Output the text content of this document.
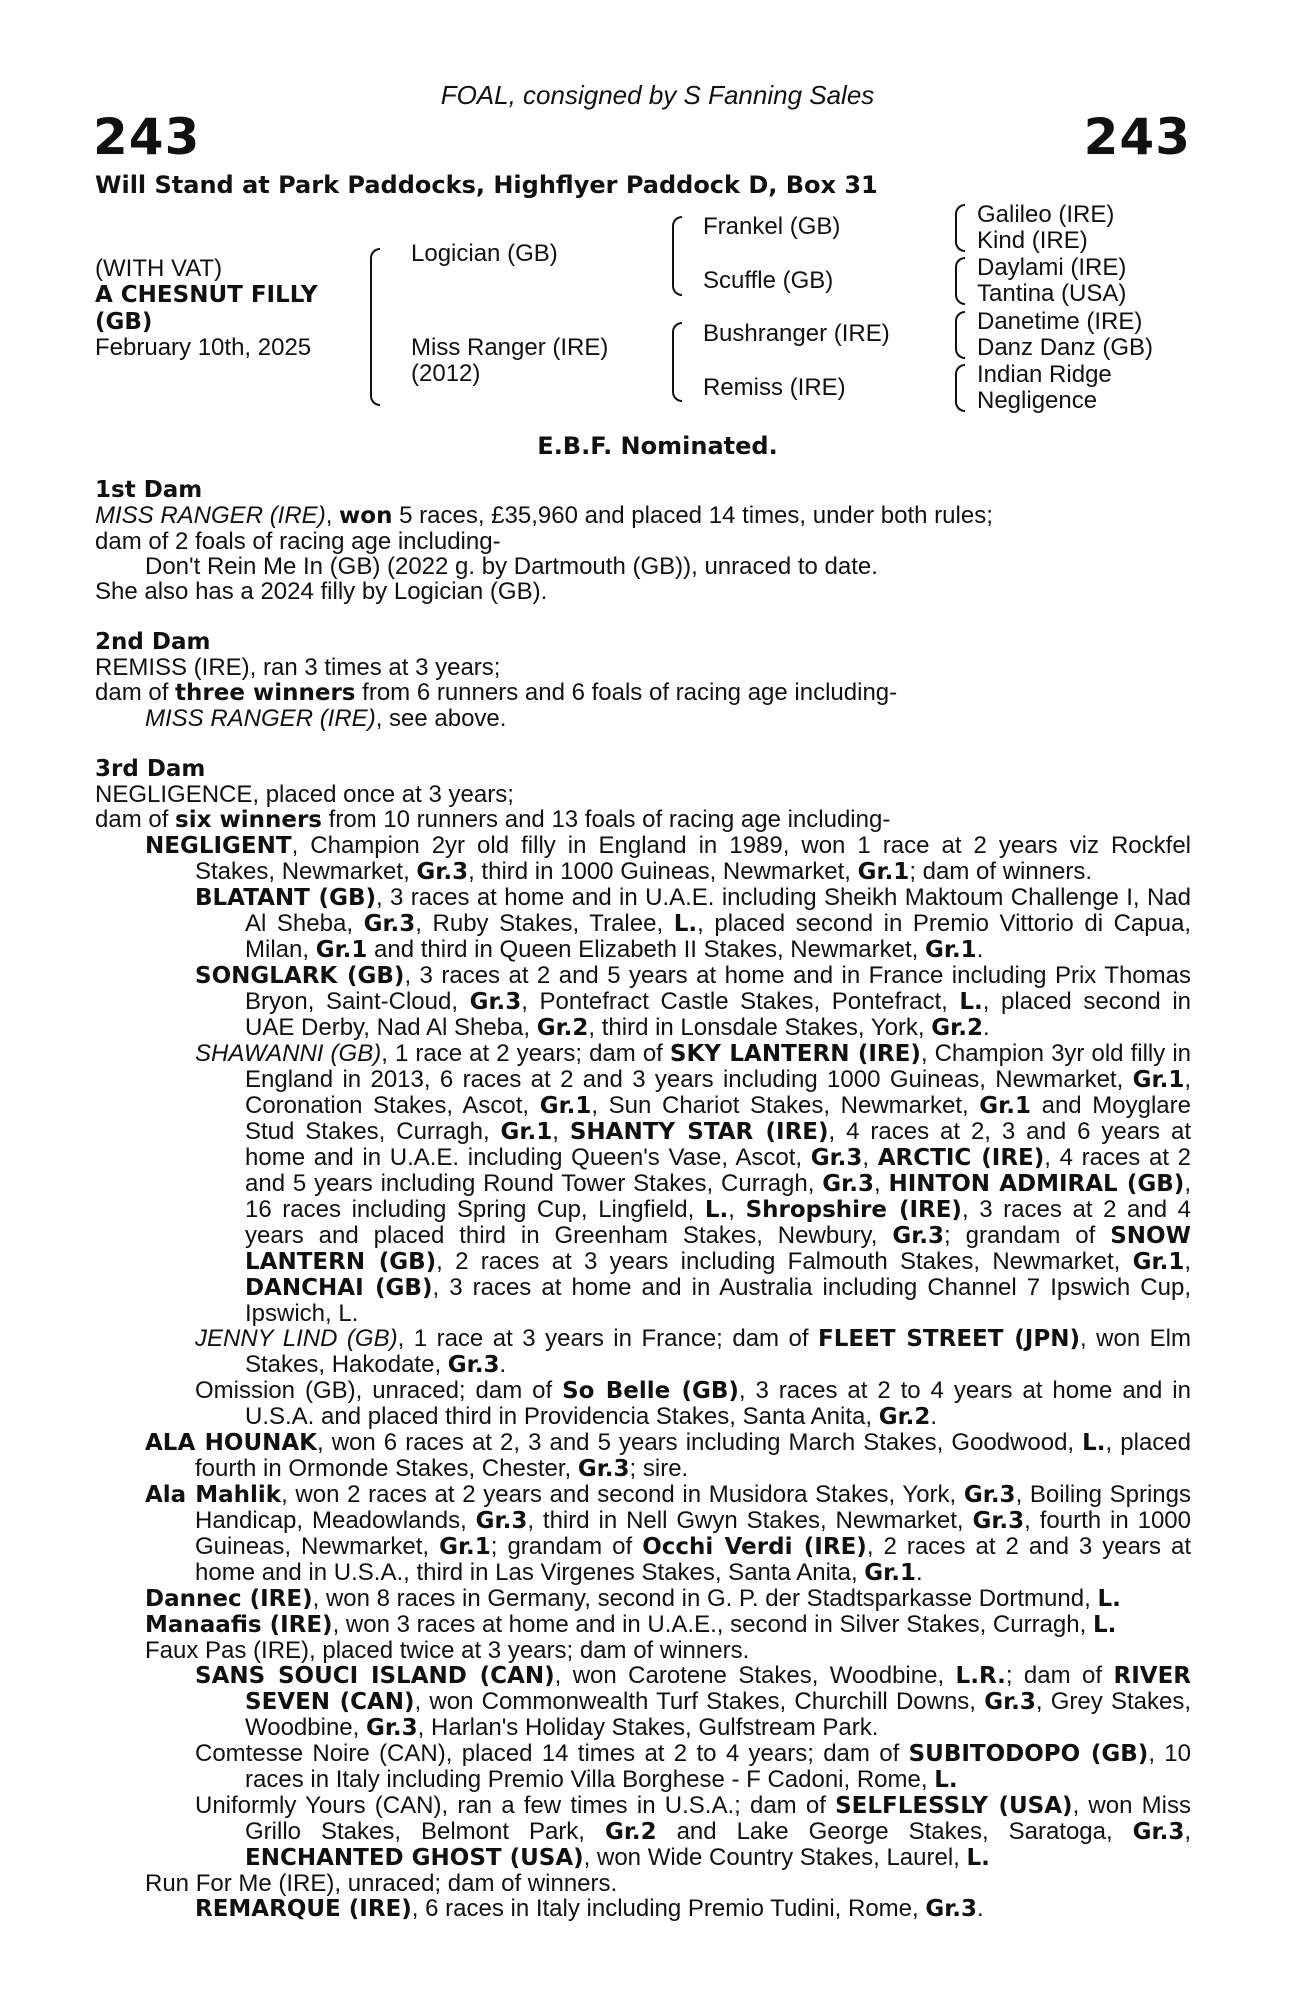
FOAL, consigned by S Fanning Sales
243	243
Will Stand at Park Paddocks, Highflyer Paddock D, Box 31
(WITH VAT)
A CHESNUT FILLY
(GB)
February 10th, 2025
Logician (GB)
Miss Ranger (IRE)
(2012)
Frankel (GB)
Scuffle (GB)
Bushranger (IRE)
Remiss (IRE)
Galileo (IRE)
Kind (IRE)
Daylami (IRE)
Tantina (USA)
Danetime (IRE)
Danz Danz (GB)
Indian Ridge
Negligence
E.B.F. Nominated.
1st Dam
MISS RANGER (IRE), won 5 races, £35,960 and placed 14 times, under both rules;
dam of 2 foals of racing age including-
Don't Rein Me In (GB) (2022 g. by Dartmouth (GB)), unraced to date.
She also has a 2024 filly by Logician (GB).
2nd Dam
REMISS (IRE), ran 3 times at 3 years;
dam of three winners from 6 runners and 6 foals of racing age including-
MISS RANGER (IRE), see above.
3rd Dam
NEGLIGENCE, placed once at 3 years;
dam of six winners from 10 runners and 13 foals of racing age including-
NEGLIGENT, Champion 2yr old filly in England in 1989, won 1 race at 2 years viz Rockfel Stakes, Newmarket, Gr.3, third in 1000 Guineas, Newmarket, Gr.1; dam of winners.
BLATANT (GB), 3 races at home and in U.A.E. including Sheikh Maktoum Challenge I, Nad Al Sheba, Gr.3, Ruby Stakes, Tralee, L., placed second in Premio Vittorio di Capua, Milan, Gr.1 and third in Queen Elizabeth II Stakes, Newmarket, Gr.1.
SONGLARK (GB), 3 races at 2 and 5 years at home and in France including Prix Thomas Bryon, Saint-Cloud, Gr.3, Pontefract Castle Stakes, Pontefract, L., placed second in UAE Derby, Nad Al Sheba, Gr.2, third in Lonsdale Stakes, York, Gr.2.
SHAWANNI (GB), 1 race at 2 years; dam of SKY LANTERN (IRE), Champion 3yr old filly in England in 2013, 6 races at 2 and 3 years including 1000 Guineas, Newmarket, Gr.1, Coronation Stakes, Ascot, Gr.1, Sun Chariot Stakes, Newmarket, Gr.1 and Moyglare Stud Stakes, Curragh, Gr.1, SHANTY STAR (IRE), 4 races at 2, 3 and 6 years at home and in U.A.E. including Queen's Vase, Ascot, Gr.3, ARCTIC (IRE), 4 races at 2 and 5 years including Round Tower Stakes, Curragh, Gr.3, HINTON ADMIRAL (GB), 16 races including Spring Cup, Lingfield, L., Shropshire (IRE), 3 races at 2 and 4 years and placed third in Greenham Stakes, Newbury, Gr.3; grandam of SNOW LANTERN (GB), 2 races at 3 years including Falmouth Stakes, Newmarket, Gr.1, DANCHAI (GB), 3 races at home and in Australia including Channel 7 Ipswich Cup, Ipswich, L.
JENNY LIND (GB), 1 race at 3 years in France; dam of FLEET STREET (JPN), won Elm Stakes, Hakodate, Gr.3.
Omission (GB), unraced; dam of So Belle (GB), 3 races at 2 to 4 years at home and in U.S.A. and placed third in Providencia Stakes, Santa Anita, Gr.2.
ALA HOUNAK, won 6 races at 2, 3 and 5 years including March Stakes, Goodwood, L., placed fourth in Ormonde Stakes, Chester, Gr.3; sire.
Ala Mahlik, won 2 races at 2 years and second in Musidora Stakes, York, Gr.3, Boiling Springs Handicap, Meadowlands, Gr.3, third in Nell Gwyn Stakes, Newmarket, Gr.3, fourth in 1000 Guineas, Newmarket, Gr.1; grandam of Occhi Verdi (IRE), 2 races at 2 and 3 years at home and in U.S.A., third in Las Virgenes Stakes, Santa Anita, Gr.1.
Dannec (IRE), won 8 races in Germany, second in G. P. der Stadtsparkasse Dortmund, L.
Manaafis (IRE), won 3 races at home and in U.A.E., second in Silver Stakes, Curragh, L.
Faux Pas (IRE), placed twice at 3 years; dam of winners.
SANS SOUCI ISLAND (CAN), won Carotene Stakes, Woodbine, L.R.; dam of RIVER SEVEN (CAN), won Commonwealth Turf Stakes, Churchill Downs, Gr.3, Grey Stakes, Woodbine, Gr.3, Harlan's Holiday Stakes, Gulfstream Park.
Comtesse Noire (CAN), placed 14 times at 2 to 4 years; dam of SUBITODOPO (GB), 10 races in Italy including Premio Villa Borghese - F Cadoni, Rome, L.
Uniformly Yours (CAN), ran a few times in U.S.A.; dam of SELFLESSLY (USA), won Miss Grillo Stakes, Belmont Park, Gr.2 and Lake George Stakes, Saratoga, Gr.3, ENCHANTED GHOST (USA), won Wide Country Stakes, Laurel, L.
Run For Me (IRE), unraced; dam of winners.
REMARQUE (IRE), 6 races in Italy including Premio Tudini, Rome, Gr.3.
